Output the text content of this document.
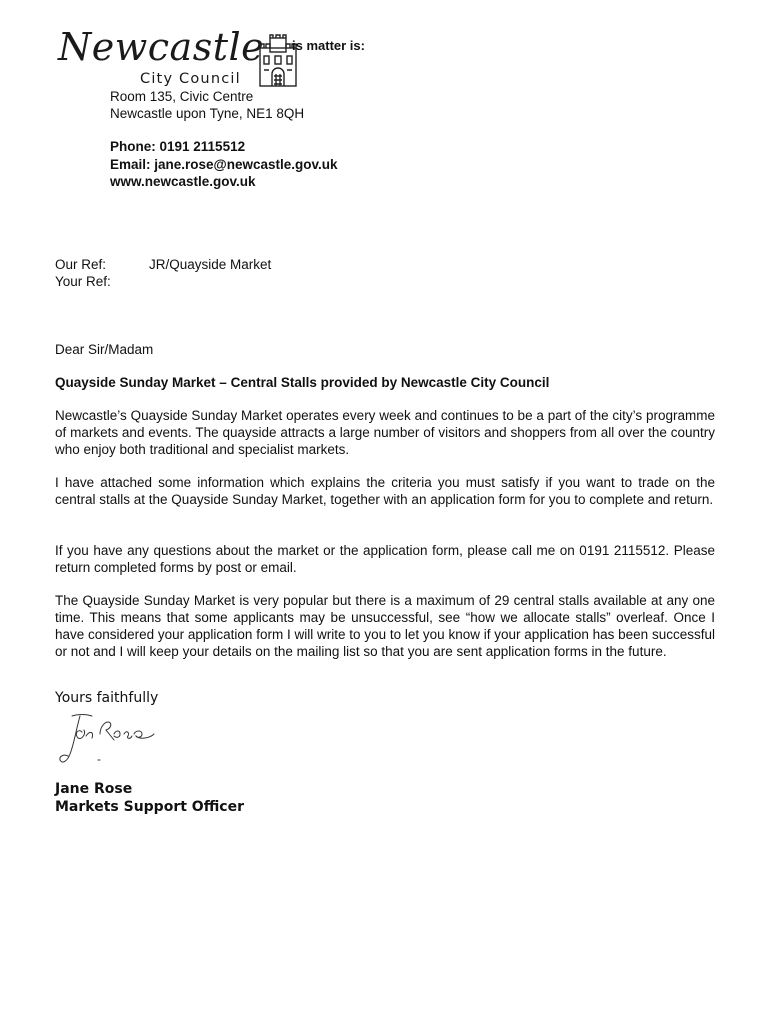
Newcastle
City Council
is matter is:
Room 135, Civic Centre
Newcastle upon Tyne, NE1 8QH
Phone: 0191 2115512
Email: jane.rose@newcastle.gov.uk
www.newcastle.gov.uk
Our Ref:	JR/Quayside Market
Your Ref:
Dear Sir/Madam
Quayside Sunday Market – Central Stalls provided by Newcastle City Council
Newcastle’s Quayside Sunday Market operates every week and continues to be a part of the city’s programme of markets and events. The quayside attracts a large number of visitors and shoppers from all over the country who enjoy both traditional and specialist markets.
I have attached some information which explains the criteria you must satisfy if you want to trade on the central stalls at the Quayside Sunday Market, together with an application form for you to complete and return.
If you have any questions about the market or the application form, please call me on 0191 2115512. Please return completed forms by post or email.
The Quayside Sunday Market is very popular but there is a maximum of 29 central stalls available at any one time. This means that some applicants may be unsuccessful, see “how we allocate stalls” overleaf. Once I have considered your application form I will write to you to let you know if your application has been successful or not and I will keep your details on the mailing list so that you are sent application forms in the future.
Yours faithfully
Jane Rose
Markets Support Officer
